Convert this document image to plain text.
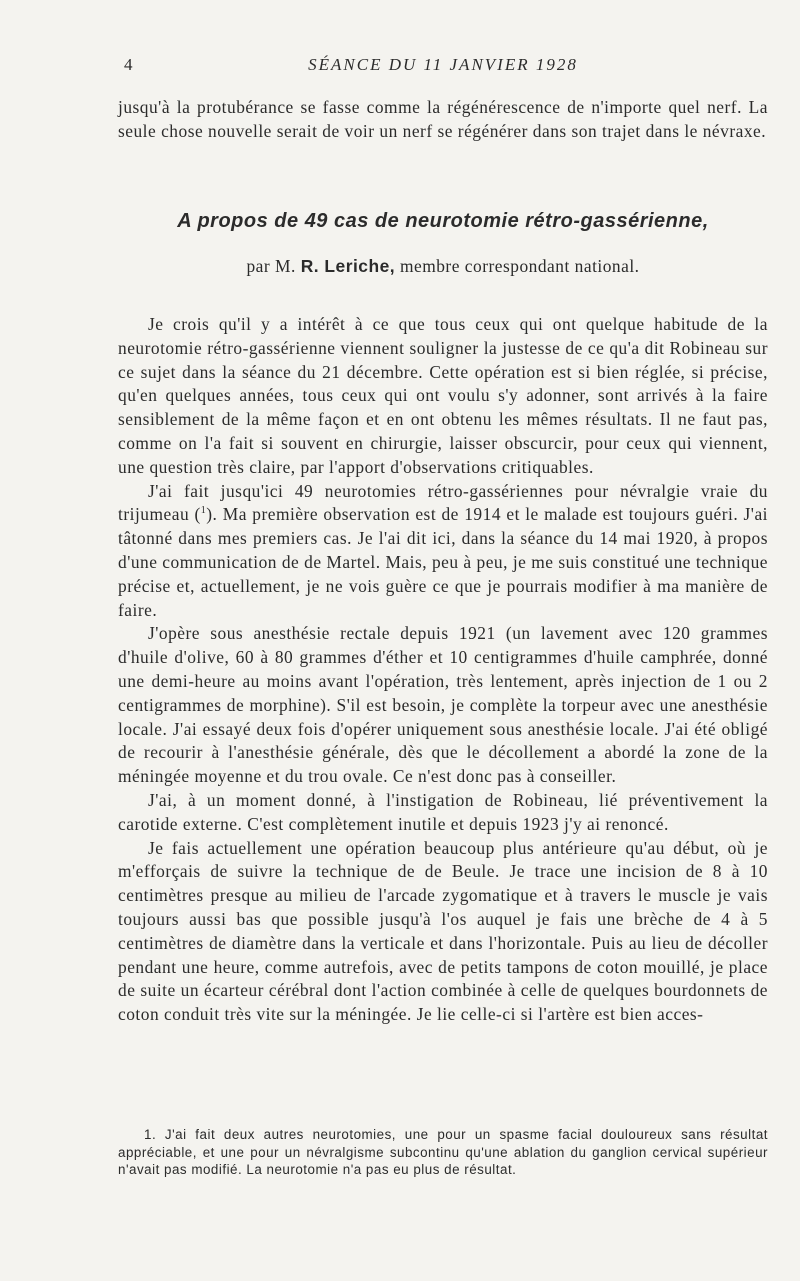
4	SÉANCE DU 11 JANVIER 1928

jusqu'à la protubérance se fasse comme la régénérescence de n'importe quel nerf. La seule chose nouvelle serait de voir un nerf se régénérer dans son trajet dans le névraxe.

A propos de 49 cas de neurotomie rétro-gassérienne,
par M. R. Leriche, membre correspondant national.

Je crois qu'il y a intérêt à ce que tous ceux qui ont quelque habitude de la neurotomie rétro-gassérienne viennent souligner la justesse de ce qu'a dit Robineau sur ce sujet dans la séance du 21 décembre. Cette opération est si bien réglée, si précise, qu'en quelques années, tous ceux qui ont voulu s'y adonner, sont arrivés à la faire sensiblement de la même façon et en ont obtenu les mêmes résultats. Il ne faut pas, comme on l'a fait si souvent en chirurgie, laisser obscurcir, pour ceux qui viennent, une question très claire, par l'apport d'observations critiquables.

J'ai fait jusqu'ici 49 neurotomies rétro-gassériennes pour névralgie vraie du trijumeau ($^1$). Ma première observation est de 1914 et le malade est toujours guéri. J'ai tâtonné dans mes premiers cas. Je l'ai dit ici, dans la séance du 14 mai 1920, à propos d'une communication de de Martel. Mais, peu à peu, je me suis constitué une technique précise et, actuellement, je ne vois guère ce que je pourrais modifier à ma manière de faire.

J'opère sous anesthésie rectale depuis 1921 (un lavement avec 120 grammes d'huile d'olive, 60 à 80 grammes d'éther et 10 centigrammes d'huile camphrée, donné une demi-heure au moins avant l'opération, très lentement, après injection de 1 ou 2 centigrammes de morphine). S'il est besoin, je complète la torpeur avec une anesthésie locale. J'ai essayé deux fois d'opérer uniquement sous anesthésie locale. J'ai été obligé de recourir à l'anesthésie générale, dès que le décollement a abordé la zone de la méningée moyenne et du trou ovale. Ce n'est donc pas à conseiller.

J'ai, à un moment donné, à l'instigation de Robineau, lié préventivement la carotide externe. C'est complètement inutile et depuis 1923 j'y ai renoncé.

Je fais actuellement une opération beaucoup plus antérieure qu'au début, où je m'efforçais de suivre la technique de de Beule. Je trace une incision de 8 à 10 centimètres presque au milieu de l'arcade zygomatique et à travers le muscle je vais toujours aussi bas que possible jusqu'à l'os auquel je fais une brèche de 4 à 5 centimètres de diamètre dans la verticale et dans l'horizontale. Puis au lieu de décoller pendant une heure, comme autrefois, avec de petits tampons de coton mouillé, je place de suite un écarteur cérébral dont l'action combinée à celle de quelques bourdonnets de coton conduit très vite sur la méningée. Je lie celle-ci si l'artère est bien acces-

1. J'ai fait deux autres neurotomies, une pour un spasme facial douloureux sans résultat appréciable, et une pour un névralgisme subcontinu qu'une ablation du ganglion cervical supérieur n'avait pas modifié. La neurotomie n'a pas eu plus de résultat.
